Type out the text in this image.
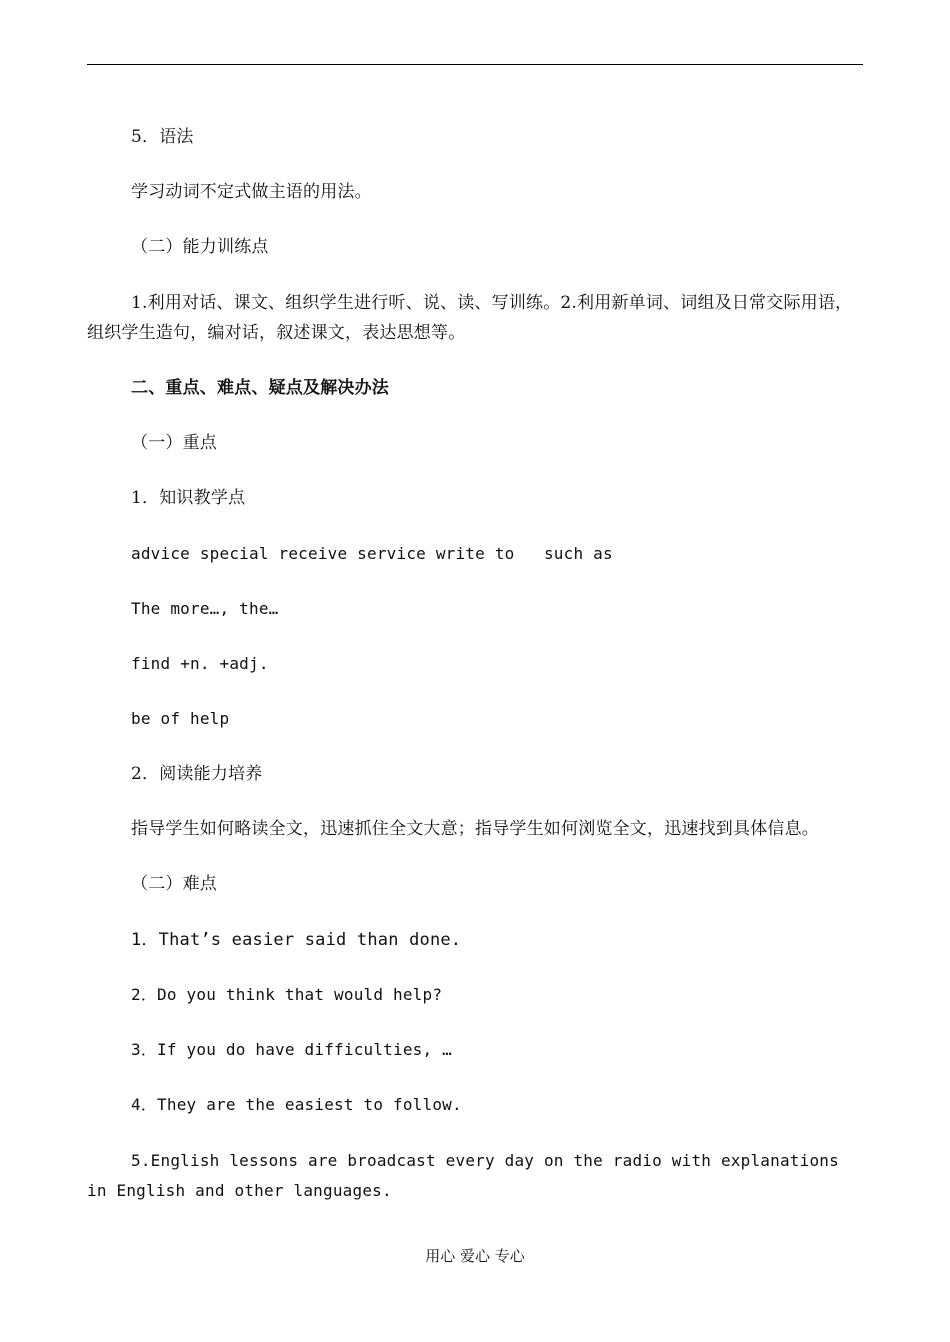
5．语法
学习动词不定式做主语的用法。
（二）能力训练点
1.利用对话、课文、组织学生进行听、说、读、写训练。2.利用新单词、词组及日常交际用语，组织学生造句，编对话，叙述课文，表达思想等。
二、重点、难点、疑点及解决办法
（一）重点
1．知识教学点
advice special receive service write to   such as
The more…, the…
find +n. +adj.
be of help
2．阅读能力培养
指导学生如何略读全文，迅速抓住全文大意；指导学生如何浏览全文，迅速找到具体信息。
（二）难点
1．That’s easier said than done.
2．Do you think that would help?
3．If you do have difficulties, …
4．They are the easiest to follow.
5.English lessons are broadcast every day on the radio with explanations in English and other languages.
用心 爱心 专心
